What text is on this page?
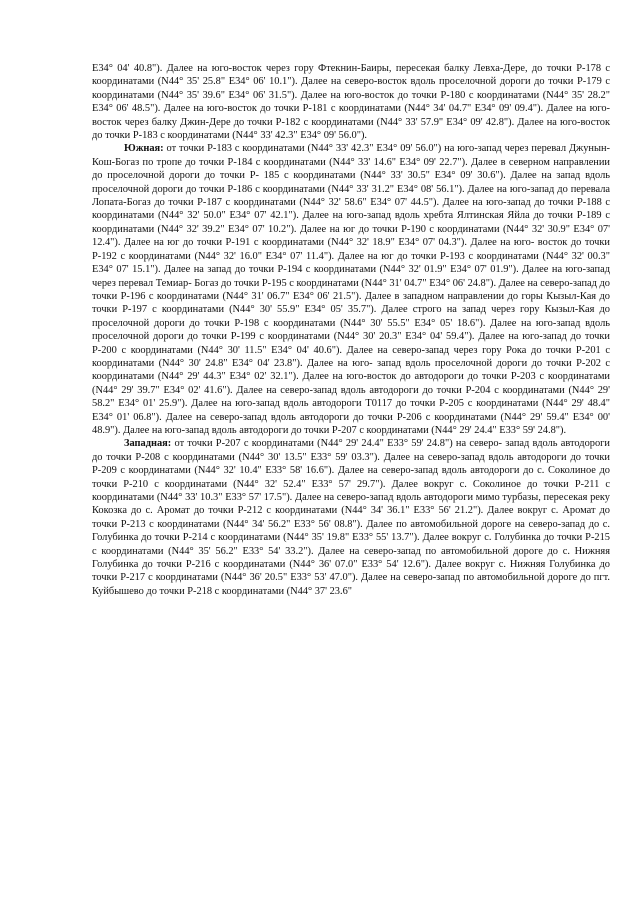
E34° 04' 40.8"). Далее на юго-восток через гору Фтекнин-Баиры, пересекая балку Левха-Дере, до точки Р-178 с координатами (N44° 35' 25.8" E34° 06' 10.1"). Далее на северо-восток вдоль проселочной дороги до точки Р-179 с координатами (N44° 35' 39.6" E34° 06' 31.5"). Далее на юго-восток до точки Р-180 с координатами (N44° 35' 28.2" E34° 06' 48.5"). Далее на юго-восток до точки Р-181 с координатами (N44° 34' 04.7" E34° 09' 09.4"). Далее на юго-восток через балку Джин-Дере до точки Р-182 с координатами (N44° 33' 57.9" E34° 09' 42.8"). Далее на юго-восток до точки Р-183 с координатами (N44° 33' 42.3" E34° 09' 56.0").

Южная: от точки Р-183 с координатами (N44° 33' 42.3" E34° 09' 56.0") на юго-запад через перевал Джунын-Кош-Богаз по тропе до точки Р-184 с координатами (N44° 33' 14.6" E34° 09' 22.7"). Далее в северном направлении до проселочной дороги до точки Р- 185 с координатами (N44° 33' 30.5" E34° 09' 30.6"). Далее на запад вдоль проселочной дороги до точки Р-186 с координатами (N44° 33' 31.2" E34° 08' 56.1"). Далее на юго-запад до перевала Лопата-Богаз до точки Р-187 с координатами (N44° 32' 58.6" E34° 07' 44.5"). Далее на юго-запад до точки Р-188 с координатами (N44° 32' 50.0" E34° 07' 42.1"). Далее на юго-запад вдоль хребта Ялтинская Яйла до точки Р-189 с координатами (N44° 32' 39.2" E34° 07' 10.2"). Далее на юг до точки Р-190 с координатами (N44° 32' 30.9" E34° 07' 12.4"). Далее на юг до точки Р-191 с координатами (N44° 32' 18.9" E34° 07' 04.3"). Далее на юго- восток до точки Р-192 с координатами (N44° 32' 16.0" E34° 07' 11.4"). Далее на юг до точки Р-193 с координатами (N44° 32' 00.3" E34° 07' 15.1"). Далее на запад до точки Р-194 с координатами (N44° 32' 01.9" E34° 07' 01.9"). Далее на юго-запад через перевал Темиар- Богаз до точки Р-195 с координатами (N44° 31' 04.7" E34° 06' 24.8"). Далее на северо-запад до точки Р-196 с координатами (N44° 31' 06.7" E34° 06' 21.5"). Далее в западном направлении до горы Кызыл-Кая до точки Р-197 с координатами (N44° 30' 55.9" E34° 05' 35.7"). Далее строго на запад через гору Кызыл-Кая до проселочной дороги до точки Р-198 с координатами (N44° 30' 55.5" E34° 05' 18.6"). Далее на юго-запад вдоль проселочной дороги до точки Р-199 с координатами (N44° 30' 20.3" E34° 04' 59.4"). Далее на юго-запад до точки Р-200 с координатами (N44° 30' 11.5" E34° 04' 40.6"). Далее на северо-запад через гору Рока до точки Р-201 с координатами (N44° 30' 24.8" E34° 04' 23.8"). Далее на юго- запад вдоль проселочной дороги до точки Р-202 с координатами (N44° 29' 44.3" E34° 02' 32.1"). Далее на юго-восток до автодороги до точки Р-203 с координатами (N44° 29' 39.7" E34° 02' 41.6"). Далее на северо-запад вдоль автодороги до точки Р-204 с координатами (N44° 29' 58.2" E34° 01' 25.9"). Далее на юго-запад вдоль автодороги Т0117 до точки Р-205 с координатами (N44° 29' 48.4" E34° 01' 06.8"). Далее на северо-запад вдоль автодороги до точки Р-206 с координатами (N44° 29' 59.4" E34° 00' 48.9"). Далее на юго-запад вдоль автодороги до точки Р-207 с координатами (N44° 29' 24.4" E33° 59' 24.8").

Западная: от точки Р-207 с координатами (N44° 29' 24.4" E33° 59' 24.8") на северо- запад вдоль автодороги до точки Р-208 с координатами (N44° 30' 13.5" E33° 59' 03.3"). Далее на северо-запад вдоль автодороги до точки Р-209 с координатами (N44° 32' 10.4" E33° 58' 16.6"). Далее на северо-запад вдоль автодороги до с. Соколиное до точки Р-210 с координатами (N44° 32' 52.4" E33° 57' 29.7"). Далее вокруг с. Соколиное до точки Р-211 с координатами (N44° 33' 10.3" E33° 57' 17.5"). Далее на северо-запад вдоль автодороги мимо турбазы, пересекая реку Кокозка до с. Аромат до точки Р-212 с координатами (N44° 34' 36.1" E33° 56' 21.2"). Далее вокруг с. Аромат до точки Р-213 с координатами (N44° 34' 56.2" E33° 56' 08.8"). Далее по автомобильной дороге на северо-запад до с. Голубинка до точки Р-214 с координатами (N44° 35' 19.8" E33° 55' 13.7"). Далее вокруг с. Голубинка до точки Р-215 с координатами (N44° 35' 56.2" E33° 54' 33.2"). Далее на северо-запад по автомобильной дороге до с. Нижняя Голубинка до точки Р-216 с координатами (N44° 36' 07.0" E33° 54' 12.6"). Далее вокруг с. Нижняя Голубинка до точки Р-217 с координатами (N44° 36' 20.5" E33° 53' 47.0"). Далее на северо-запад по автомобильной дороге до пгт. Куйбышево до точки Р-218 с координатами (N44° 37' 23.6"
